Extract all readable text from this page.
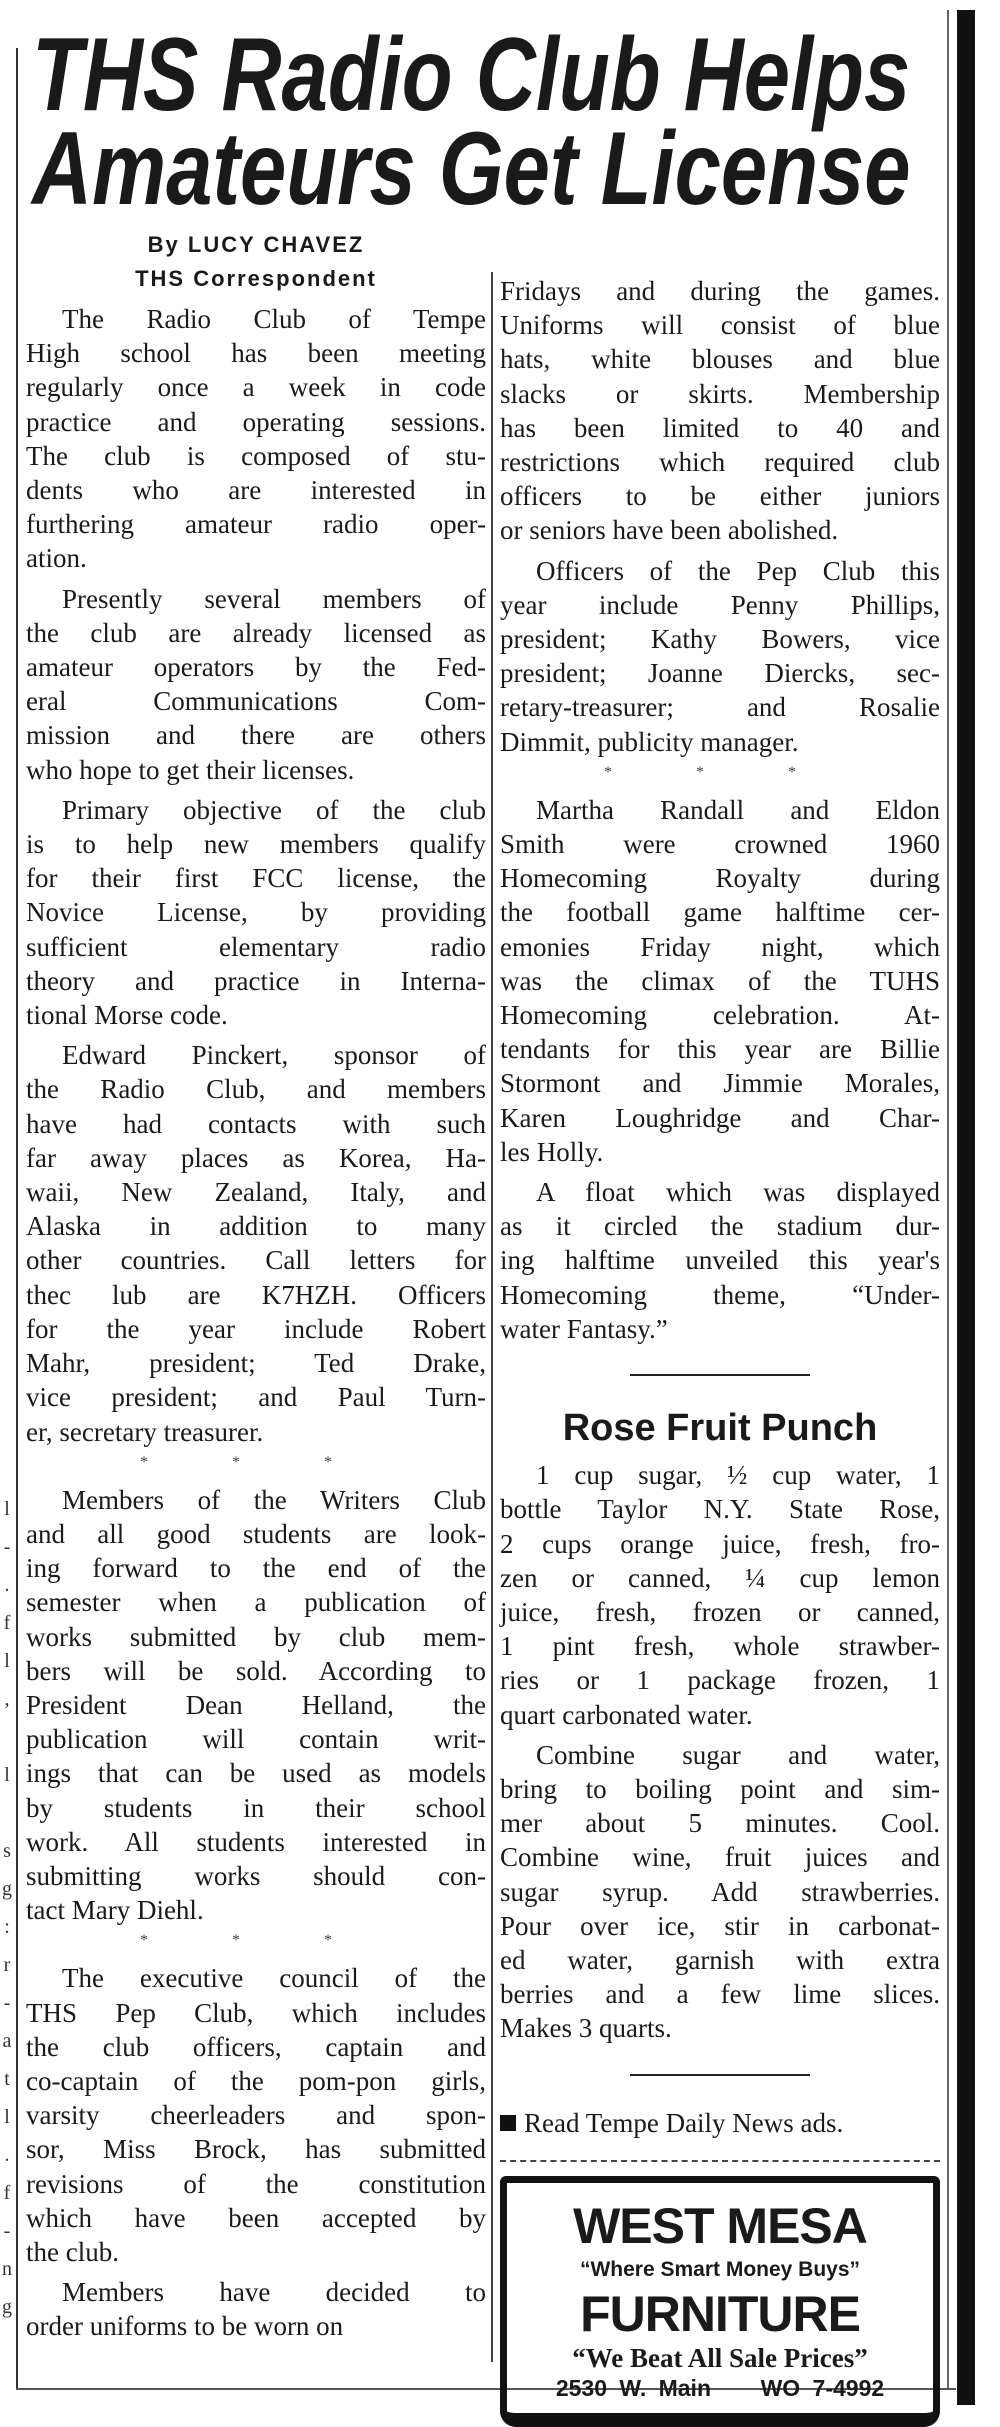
l
-
.
f
l
,

l

s
g
:
r
-
a
t
l
.
f
-
n
g
THS Radio Club Helps
Amateurs Get License
By LUCY CHAVEZ
THS Correspondent
The Radio Club of Tempe
High school has been meeting
regularly once a week in code
practice and operating sessions.
The club is composed of stu-
dents who are interested in
furthering amateur radio oper-
ation.
Presently several members of
the club are already licensed as
amateur operators by the Fed-
eral Communications Com-
mission and there are others
who hope to get their licenses.
Primary objective of the club
is to help new members qualify
for their first FCC license, the
Novice License, by providing
sufficient elementary radio
theory and practice in Interna-
tional Morse code.
Edward Pinckert, sponsor of
the Radio Club, and members
have had contacts with such
far away places as Korea, Ha-
waii, New Zealand, Italy, and
Alaska in addition to many
other countries. Call letters for
thec lub are K7HZH. Officers
for the year include Robert
Mahr, president; Ted Drake,
vice president; and Paul Turn-
er, secretary treasurer.
* * *
Members of the Writers Club
and all good students are look-
ing forward to the end of the
semester when a publication of
works submitted by club mem-
bers will be sold. According to
President Dean Helland, the
publication will contain writ-
ings that can be used as models
by students in their school
work. All students interested in
submitting works should con-
tact Mary Diehl.
* * *
The executive council of the
THS Pep Club, which includes
the club officers, captain and
co-captain of the pom-pon girls,
varsity cheerleaders and spon-
sor, Miss Brock, has submitted
revisions of the constitution
which have been accepted by
the club.
Members have decided to
order uniforms to be worn on
Fridays and during the games.
Uniforms will consist of blue
hats, white blouses and blue
slacks or skirts. Membership
has been limited to 40 and
restrictions which required club
officers to be either juniors
or seniors have been abolished.
Officers of the Pep Club this
year include Penny Phillips,
president; Kathy Bowers, vice
president; Joanne Diercks, sec-
retary-treasurer; and Rosalie
Dimmit, publicity manager.
* * *
Martha Randall and Eldon
Smith were crowned 1960
Homecoming Royalty during
the football game halftime cer-
emonies Friday night, which
was the climax of the TUHS
Homecoming celebration. At-
tendants for this year are Billie
Stormont and Jimmie Morales,
Karen Loughridge and Char-
les Holly.
A float which was displayed
as it circled the stadium dur-
ing halftime unveiled this year's
Homecoming theme, “Under-
water Fantasy.”
Rose Fruit Punch
1 cup sugar, ½ cup water, 1
bottle Taylor N.Y. State Rose,
2 cups orange juice, fresh, fro-
zen or canned, ¼ cup lemon
juice, fresh, frozen or canned,
1 pint fresh, whole strawber-
ries or 1 package frozen, 1
quart carbonated water.
Combine sugar and water,
bring to boiling point and sim-
mer about 5 minutes. Cool.
Combine wine, fruit juices and
sugar syrup. Add strawberries.
Pour over ice, stir in carbonat-
ed water, garnish with extra
berries and a few lime slices.
Makes 3 quarts.
Read Tempe Daily News ads.
WEST MESA
“Where Smart Money Buys”
FURNITURE
“We Beat All Sale Prices”
2530 W. Main WO 7-4992
